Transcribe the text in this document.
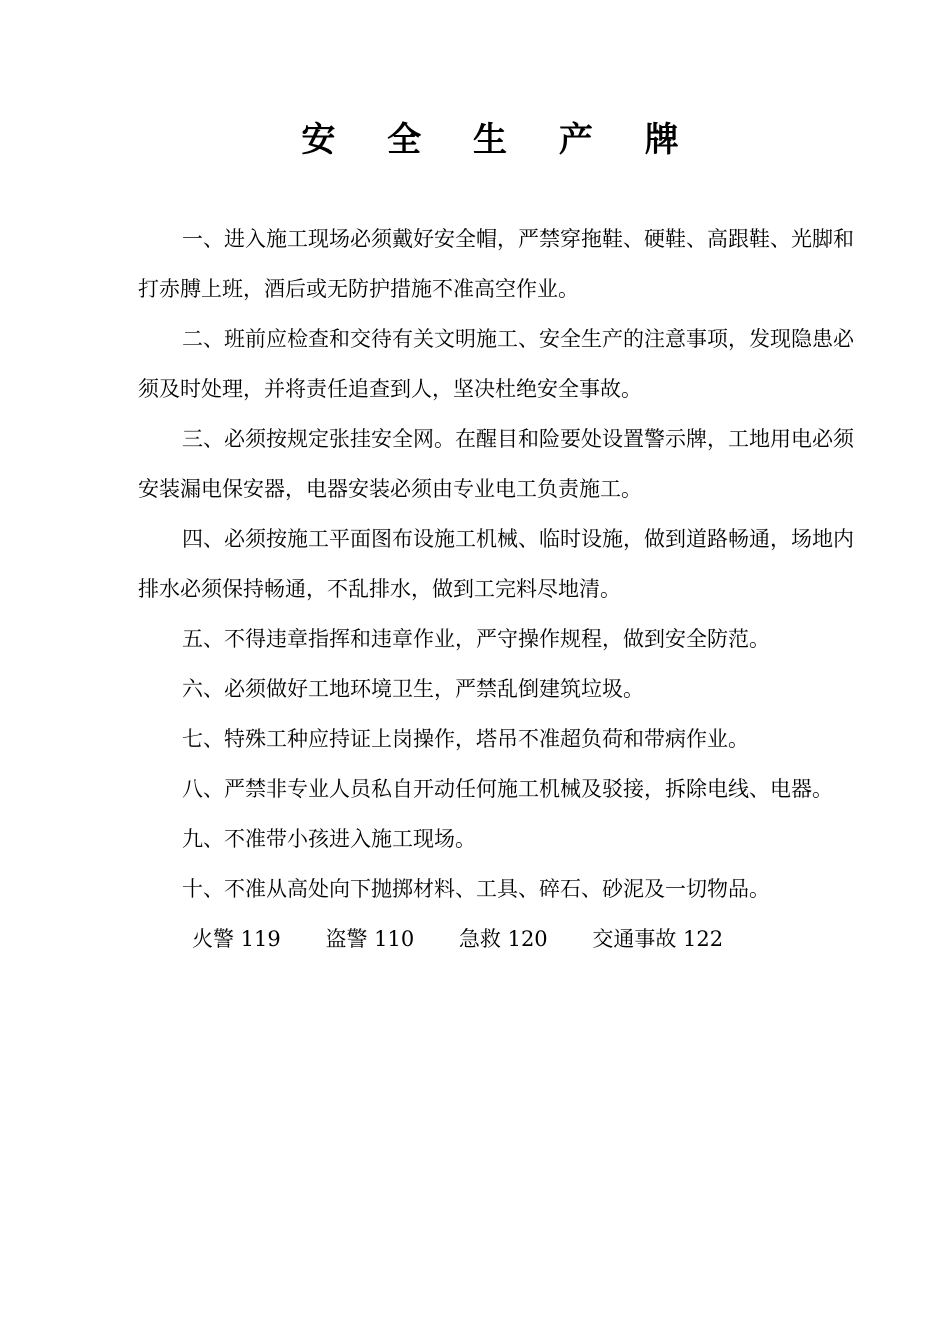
安 全 生 产 牌

一、进入施工现场必须戴好安全帽，严禁穿拖鞋、硬鞋、高跟鞋、光脚和打赤膊上班，酒后或无防护措施不准高空作业。

二、班前应检查和交待有关文明施工、安全生产的注意事项，发现隐患必须及时处理，并将责任追查到人，坚决杜绝安全事故。

三、必须按规定张挂安全网。在醒目和险要处设置警示牌，工地用电必须安装漏电保安器，电器安装必须由专业电工负责施工。

四、必须按施工平面图布设施工机械、临时设施，做到道路畅通，场地内排水必须保持畅通，不乱排水，做到工完料尽地清。

五、不得违章指挥和违章作业，严守操作规程，做到安全防范。

六、必须做好工地环境卫生，严禁乱倒建筑垃圾。

七、特殊工种应持证上岗操作，塔吊不准超负荷和带病作业。

八、严禁非专业人员私自开动任何施工机械及驳接，拆除电线、电器。

九、不准带小孩进入施工现场。

十、不准从高处向下抛掷材料、工具、碎石、砂泥及一切物品。

火警 119 盗警 110 急救 120 交通事故 122
